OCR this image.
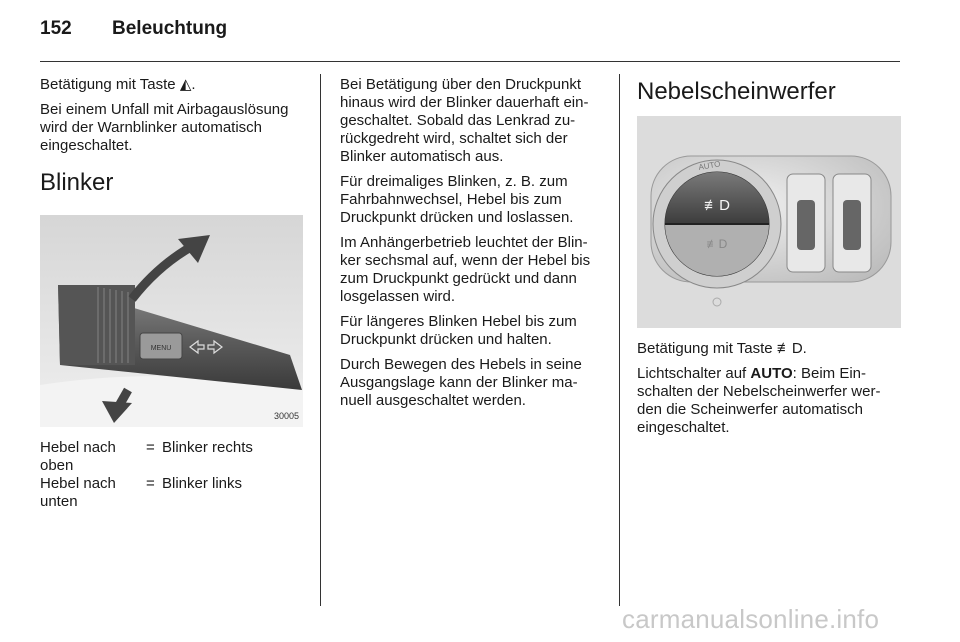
152 Beleuchtung

Betätigung mit Taste ◭.

Bei einem Unfall mit Airbagauslösung wird der Warnblinker automatisch eingeschaltet.

Blinker
MENU
30005
Hebel nach oben
= Blinker rechts
Hebel nach unten
= Blinker links

Bei Betätigung über den Druckpunkt hinaus wird der Blinker dauerhaft ein‑ geschaltet. Sobald das Lenkrad zu‑ rückgedreht wird, schaltet sich der Blinker automatisch aus.

Für dreimaliges Blinken, z. B. zum Fahrbahnwechsel, Hebel bis zum Druckpunkt drücken und loslassen.

Im Anhängerbetrieb leuchtet der Blin‑ ker sechsmal auf, wenn der Hebel bis zum Druckpunkt gedrückt und dann losgelassen wird.

Für längeres Blinken Hebel bis zum Druckpunkt drücken und halten.

Durch Bewegen des Hebels in seine Ausgangslage kann der Blinker ma‑ nuell ausgeschaltet werden.

Nebelscheinwerfer
≢D
≢D
AUTO

Betätigung mit Taste ≢D.

Lichtschalter auf AUTO: Beim Ein‑ schalten der Nebelscheinwerfer wer‑ den die Scheinwerfer automatisch eingeschaltet.

carmanualsonline.info
